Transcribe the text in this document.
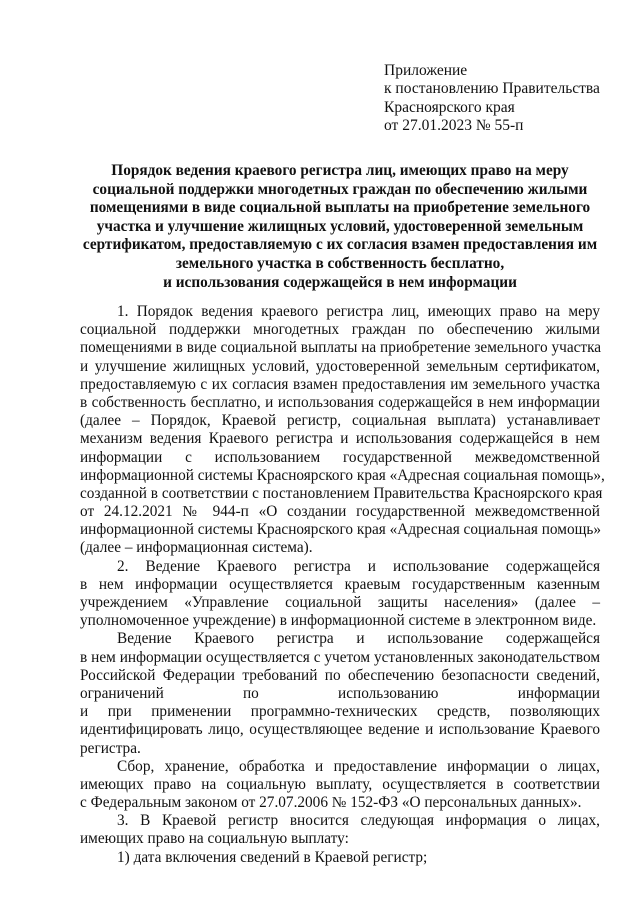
Приложение
к постановлению Правительства
Красноярского края
от 27.01.2023 № 55-п
Порядок ведения краевого регистра лиц, имеющих право на меру
социальной поддержки многодетных граждан по обеспечению жилыми
помещениями в виде социальной выплаты на приобретение земельного
участка и улучшение жилищных условий, удостоверенной земельным
сертификатом, предоставляемую с их согласия взамен предоставления им
земельного участка в собственность бесплатно,
и использования содержащейся в нем информации
1. Порядок ведения краевого регистра лиц, имеющих право на меру
социальной поддержки многодетных граждан по обеспечению жилыми
помещениями в виде социальной выплаты на приобретение земельного участка
и улучшение жилищных условий, удостоверенной земельным сертификатом,
предоставляемую с их согласия взамен предоставления им земельного участка
в собственность бесплатно, и использования содержащейся в нем информации
(далее – Порядок, Краевой регистр, социальная выплата) устанавливает
механизм ведения Краевого регистра и использования содержащейся в нем
информации с использованием государственной межведомственной
информационной системы Красноярского края «Адресная социальная помощь»,
созданной в соответствии с постановлением Правительства Красноярского края
от 24.12.2021 № 944-п «О создании государственной межведомственной
информационной системы Красноярского края «Адресная социальная помощь»
(далее – информационная система).
2. Ведение Краевого регистра и использование содержащейся
в нем информации осуществляется краевым государственным казенным
учреждением «Управление социальной защиты населения» (далее –
уполномоченное учреждение) в информационной системе в электронном виде.
Ведение Краевого регистра и использование содержащейся
в нем информации осуществляется с учетом установленных законодательством
Российской Федерации требований по обеспечению безопасности сведений,
ограничений по использованию информации
и при применении программно-технических средств, позволяющих
идентифицировать лицо, осуществляющее ведение и использование Краевого
регистра.
Сбор, хранение, обработка и предоставление информации о лицах,
имеющих право на социальную выплату, осуществляется в соответствии
с Федеральным законом от 27.07.2006 № 152-ФЗ «О персональных данных».
3. В Краевой регистр вносится следующая информация о лицах,
имеющих право на социальную выплату:
1) дата включения сведений в Краевой регистр;
